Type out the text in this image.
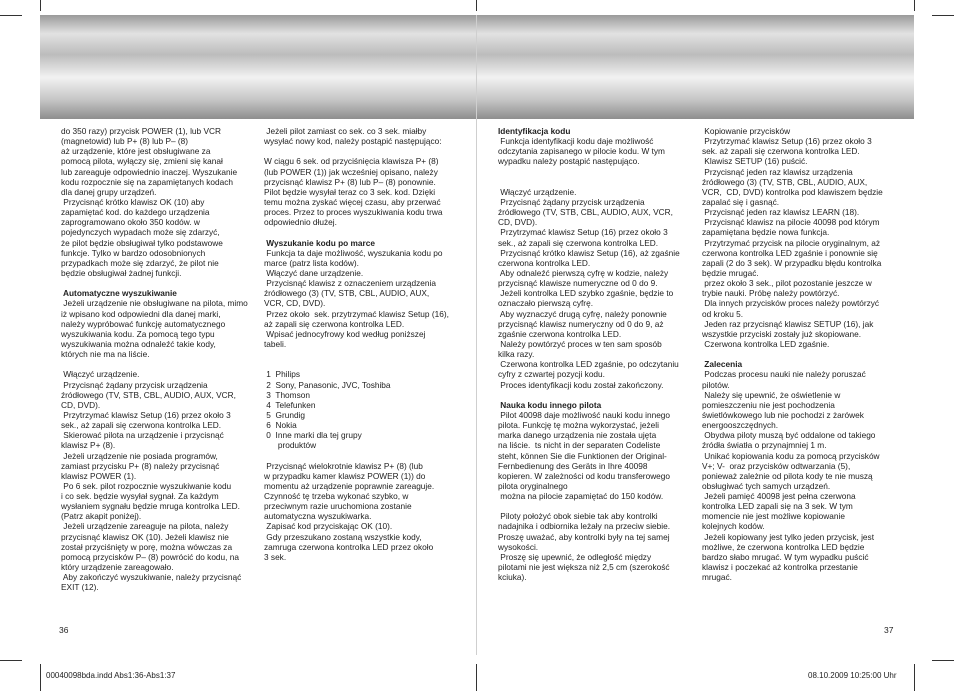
do 350 razy) przycisk POWER (1), lub VCR
(magnetowid) lub P+ (8) lub P– (8)
aż urządzenie, które jest obsługiwane za
pomocą pilota, wyłączy się, zmieni się kanał
lub zareaguje odpowiednio inaczej. Wyszukanie
kodu rozpocznie się na zapamiętanych kodach
dla danej grupy urządzeń.
Przycisnąć krótko klawisz OK (10) aby
zapamiętać kod. do każdego urządzenia
zaprogramowano około 350 kodów. w
pojedynczych wypadach może się zdarzyć,
że pilot będzie obsługiwał tylko podstawowe
funkcje. Tylko w bardzo odosobnionych
przypadkach może się zdarzyć, że pilot nie
będzie obsługiwał żadnej funkcji.
Automatyczne wyszukiwanie
Jeżeli urządzenie nie obsługiwane na pilota, mimo
iż wpisano kod odpowiedni dla danej marki,
należy wypróbować funkcję automatycznego
wyszukiwania kodu. Za pomocą tego typu
wyszukiwania można odnaleźć takie kody,
których nie ma na liście.
Włączyć urządzenie.
Przycisnąć żądany przycisk urządzenia
źródłowego (TV, STB, CBL, AUDIO, AUX, VCR,
CD, DVD).
Przytrzymać klawisz Setup (16) przez około 3
sek., aż zapali się czerwona kontrolka LED.
Skierować pilota na urządzenie i przycisnąć
klawisz P+ (8).
Jeżeli urządzenie nie posiada programów,
zamiast przycisku P+ (8) należy przycisnąć
klawisz POWER (1).
Po 6 sek. pilot rozpocznie wyszukiwanie kodu
i co sek. będzie wysyłał sygnał. Za każdym
wysłaniem sygnału będzie mruga kontrolka LED.
(Patrz akapit poniżej).
Jeżeli urządzenie zareaguje na pilota, należy
przycisnąć klawisz OK (10). Jeżeli klawisz nie
został przyciśnięty w porę, można wówczas za
pomocą przycisków P– (8) powrócić do kodu, na
który urządzenie zareagowało.
Aby zakończyć wyszukiwanie, należy przycisnąć
EXIT (12).
Jeżeli pilot zamiast co sek. co 3 sek. miałby
wysyłać nowy kod, należy postąpić następująco:
W ciągu 6 sek. od przyciśnięcia klawisza P+ (8)
(lub POWER (1)) jak wcześniej opisano, należy
przycisnąć klawisz P+ (8) lub P– (8) ponownie.
Pilot będzie wysyłał teraz co 3 sek. kod. Dzięki
temu można zyskać więcej czasu, aby przerwać
proces. Przez to proces wyszukiwania kodu trwa
odpowiednio dłużej.
Wyszukanie kodu po marce
Funkcja ta daje możliwość, wyszukania kodu po
marce (patrz lista kodów).
Włączyć dane urządzenie.
Przycisnąć klawisz z oznaczeniem urządzenia
źródłowego (3) (TV, STB, CBL, AUDIO, AUX,
VCR, CD, DVD).
Przez około  sek. przytrzymać klawisz Setup (16),
aż zapali się czerwona kontrolka LED.
Wpisać jednocyfrowy kod według poniższej
tabeli.
1  Philips
2  Sony, Panasonic, JVC, Toshiba
3  Thomson
4  Telefunken
5  Grundig
6  Nokia
0  Inne marki dla tej grupy
produktów
Przycisnąć wielokrotnie klawisz P+ (8) (lub
w przypadku kamer klawisz POWER (1)) do
momentu aż urządzenie poprawnie zareaguje.
Czynność tę trzeba wykonać szybko, w
przeciwnym razie uruchomiona zostanie
automatyczna wyszukiwarka.
Zapisać kod przyciskając OK (10).
Gdy przeszukano zostaną wszystkie kody,
zamruga czerwona kontrolka LED przez około
3 sek.
Identyfikacja kodu
Funkcja identyfikacji kodu daje możliwość
odczytania zapisanego w pilocie kodu. W tym
wypadku należy postąpić następująco.
Włączyć urządzenie.
Przycisnąć żądany przycisk urządzenia
źródłowego (TV, STB, CBL, AUDIO, AUX, VCR,
CD, DVD).
Przytrzymać klawisz Setup (16) przez około 3
sek., aż zapali się czerwona kontrolka LED.
Przycisnąć krótko klawisz Setup (16), aż zgaśnie
czerwona kontrolka LED.
Aby odnaleźć pierwszą cyfrę w kodzie, należy
przycisnąć klawisze numeryczne od 0 do 9.
Jeżeli kontrolka LED szybko zgaśnie, będzie to
oznaczało pierwszą cyfrę.
Aby wyznaczyć drugą cyfrę, należy ponownie
przycisnąć klawisz numeryczny od 0 do 9, aż
zgaśnie czerwona kontrolka LED.
Należy powtórzyć proces w ten sam sposób
kilka razy.
Czerwona kontrolka LED zgaśnie, po odczytaniu
cyfry z czwartej pozycji kodu.
Proces identyfikacji kodu został zakończony.
Nauka kodu innego pilota
Pilot 40098 daje możliwość nauki kodu innego
pilota. Funkcję tę można wykorzystać, jeżeli
marka danego urządzenia nie została ujęta
na liście.  ts nicht in der separaten Codeliste
steht, können Sie die Funktionen der Original-
Fernbedienung des Geräts in Ihre 40098
kopieren. W zależności od kodu transferowego
pilota oryginalnego
można na pilocie zapamiętać do 150 kodów.
Piloty położyć obok siebie tak aby kontrolki
nadajnika i odbiornika leżały na przeciw siebie.
Proszę uważać, aby kontrolki były na tej samej
wysokości.
Proszę się upewnić, że odległość między
pilotami nie jest większa niż 2,5 cm (szerokość
kciuka).
Kopiowanie przycisków
Przytrzymać klawisz Setup (16) przez około 3
sek. aż zapali się czerwona kontrolka LED.
Klawisz SETUP (16) puścić.
Przycisnąć jeden raz klawisz urządzenia
źródłowego (3) (TV, STB, CBL, AUDIO, AUX,
VCR,  CD, DVD) kontrolka pod klawiszem będzie
zapalać się i gasnąć.
Przycisnąć jeden raz klawisz LEARN (18).
Przycisnąć klawisz na pilocie 40098 pod którym
zapamiętana będzie nowa funkcja.
Przytrzymać przycisk na pilocie oryginalnym, aż
czerwona kontrolka LED zgaśnie i ponownie się
zapali (2 do 3 sek). W przypadku błędu kontrolka
będzie mrugać.
przez około 3 sek., pilot pozostanie jeszcze w
trybie nauki. Próbę należy powtórzyć.
Dla innych przycisków proces należy powtórzyć
od kroku 5.
Jeden raz przycisnąć klawisz SETUP (16), jak
wszystkie przyciski zostały już skopiowane.
Czerwona kontrolka LED zgaśnie.
Zalecenia
Podczas procesu nauki nie należy poruszać
pilotów.
Należy się upewnić, że oświetlenie w
pomieszczeniu nie jest pochodzenia
świetlówkowego lub nie pochodzi z żarówek
energooszczędnych.
Obydwa piloty muszą być oddalone od takiego
źródła światła o przynajmniej 1 m.
Unikać kopiowania kodu za pomocą przycisków
V+; V-  oraz przycisków odtwarzania (5),
ponieważ zależnie od pilota kody te nie muszą
obsługiwać tych samych urządzeń.
Jeżeli pamięć 40098 jest pełna czerwona
kontrolka LED zapali się na 3 sek. W tym
momencie nie jest możliwe kopiowanie
kolejnych kodów.
Jeżeli kopiowany jest tylko jeden przycisk, jest
możliwe, że czerwona kontrolka LED będzie
bardzo słabo mrugać. W tym wypadku puścić
klawisz i poczekać aż kontrolka przestanie
mrugać.
36	37
00040098bda.indd Abs1:36-Abs1:37	08.10.2009 10:25:00 Uhr
